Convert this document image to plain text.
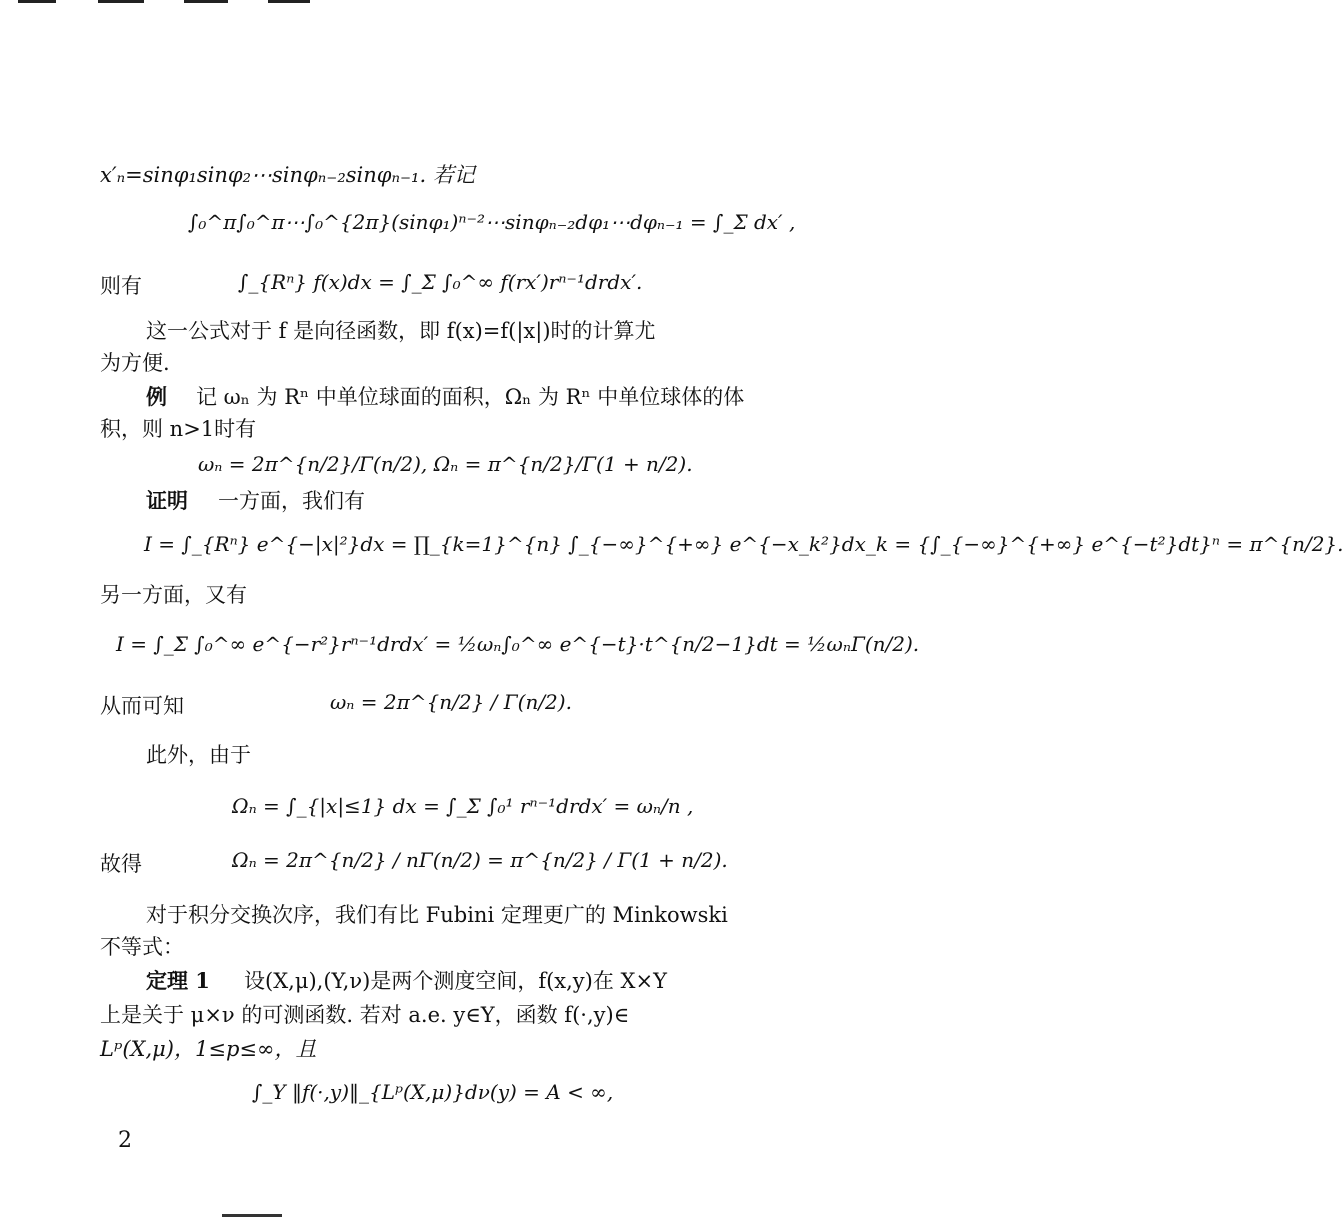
x′ₙ=sinφ₁sinφ₂⋯sinφₙ₋₂sinφₙ₋₁. 若记
∫₀^π∫₀^π⋯∫₀^{2π}(sinφ₁)ⁿ⁻²⋯sinφₙ₋₂dφ₁⋯dφₙ₋₁ = ∫_Σ dx′ ,
则有	∫_{Rⁿ} f(x)dx = ∫_Σ ∫₀^∞ f(rx′)rⁿ⁻¹drdx′.
这一公式对于 f 是向径函数，即 f(x)=f(|x|)时的计算尤
为方便.
例 记 ωₙ 为 Rⁿ 中单位球面的面积，Ωₙ 为 Rⁿ 中单位球体的体
积，则 n>1时有
ωₙ = 2π^{n/2}/Γ(n/2), Ωₙ = π^{n/2}/Γ(1 + n/2).
证明 一方面，我们有
I = ∫_{Rⁿ} e^{−|x|²}dx = ∏_{k=1}^{n} ∫_{−∞}^{+∞} e^{−x_k²}dx_k = {∫_{−∞}^{+∞} e^{−t²}dt}ⁿ = π^{n/2}.
另一方面，又有
I = ∫_Σ ∫₀^∞ e^{−r²}rⁿ⁻¹drdx′ = ½ωₙ∫₀^∞ e^{−t}·t^{n/2−1}dt = ½ωₙΓ(n/2).
从而可知	ωₙ = 2π^{n/2} / Γ(n/2).
此外，由于
Ωₙ = ∫_{|x|≤1} dx = ∫_Σ ∫₀¹ rⁿ⁻¹drdx′ = ωₙ/n ,
故得	Ωₙ = 2π^{n/2} / nΓ(n/2) = π^{n/2} / Γ(1 + n/2).
对于积分交换次序，我们有比 Fubini 定理更广的 Minkowski
不等式：
定理 1 设(X,μ),(Y,ν)是两个测度空间，f(x,y)在 X×Y
上是关于 μ×ν 的可测函数. 若对 a.e. y∈Y，函数 f(·,y)∈
Lᵖ(X,μ)，1≤p≤∞，且
∫_Y ‖f(·,y)‖_{Lᵖ(X,μ)}dν(y) = A < ∞,
2
